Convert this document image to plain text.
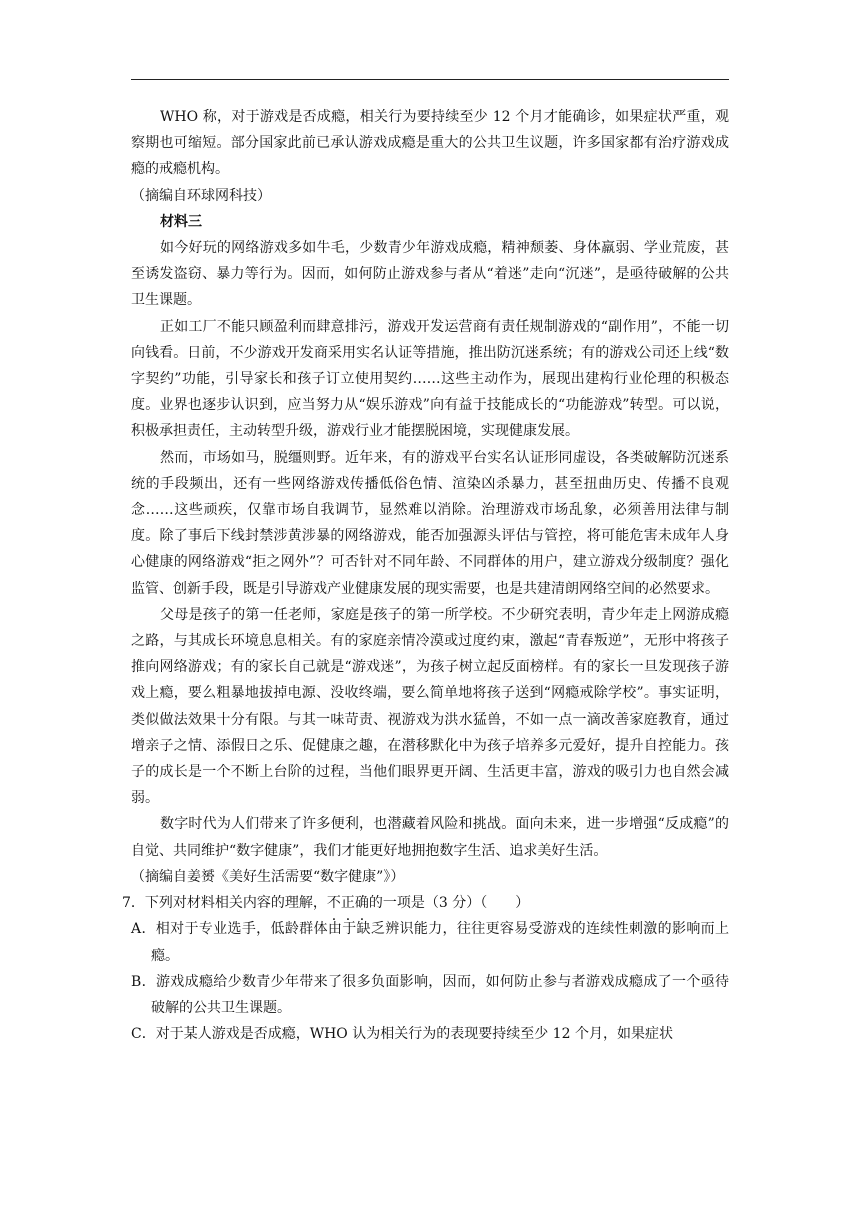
WHO 称，对于游戏是否成瘾，相关行为要持续至少 12 个月才能确诊，如果症状严重，观察期也可缩短。部分国家此前已承认游戏成瘾是重大的公共卫生议题，许多国家都有治疗游戏成瘾的戒瘾机构。

（摘编自环球网科技）

材料三

如今好玩的网络游戏多如牛毛，少数青少年游戏成瘾，精神颓萎、身体羸弱、学业荒废，甚至诱发盗窃、暴力等行为。因而，如何防止游戏参与者从“着迷”走向“沉迷”，是亟待破解的公共卫生课题。

正如工厂不能只顾盈利而肆意排污，游戏开发运营商有责任规制游戏的“副作用”，不能一切向钱看。日前，不少游戏开发商采用实名认证等措施，推出防沉迷系统；有的游戏公司还上线“数字契约”功能，引导家长和孩子订立使用契约……这些主动作为，展现出建构行业伦理的积极态度。业界也逐步认识到，应当努力从“娱乐游戏”向有益于技能成长的“功能游戏”转型。可以说，积极承担责任，主动转型升级，游戏行业才能摆脱困境，实现健康发展。

然而，市场如马，脱缰则野。近年来，有的游戏平台实名认证形同虚设，各类破解防沉迷系统的手段频出，还有一些网络游戏传播低俗色情、渲染凶杀暴力，甚至扭曲历史、传播不良观念……这些顽疾，仅靠市场自我调节，显然难以消除。治理游戏市场乱象，必须善用法律与制度。除了事后下线封禁涉黄涉暴的网络游戏，能否加强源头评估与管控，将可能危害未成年人身心健康的网络游戏“拒之网外”？可否针对不同年龄、不同群体的用户，建立游戏分级制度？强化监管、创新手段，既是引导游戏产业健康发展的现实需要，也是共建清朗网络空间的必然要求。

父母是孩子的第一任老师，家庭是孩子的第一所学校。不少研究表明，青少年走上网游成瘾之路，与其成长环境息息相关。有的家庭亲情冷漠或过度约束，激起“青春叛逆”，无形中将孩子推向网络游戏；有的家长自己就是“游戏迷”，为孩子树立起反面榜样。有的家长一旦发现孩子游戏上瘾，要么粗暴地拔掉电源、没收终端，要么简单地将孩子送到“网瘾戒除学校”。事实证明，类似做法效果十分有限。与其一味苛责、视游戏为洪水猛兽，不如一点一滴改善家庭教育，通过增亲子之情、添假日之乐、促健康之趣，在潜移默化中为孩子培养多元爱好，提升自控能力。孩子的成长是一个不断上台阶的过程，当他们眼界更开阔、生活更丰富，游戏的吸引力也自然会减弱。

数字时代为人们带来了许多便利，也潜藏着风险和挑战。面向未来，进一步增强“反成瘾”的自觉、共同维护“数字健康”，我们才能更好地拥抱数字生活、追求美好生活。

（摘编自姜赟《美好生活需要“数字健康”》）

7．下列对材料相关内容的理解，不正确的一项是（3 分）（　　）

A．相对于专业选手，低龄群体由于缺乏辨识能力，往往更容易受游戏的连续性刺激的影响而上瘾。

B．游戏成瘾给少数青少年带来了很多负面影响，因而，如何防止参与者游戏成瘾成了一个亟待破解的公共卫生课题。

C．对于某人游戏是否成瘾，WHO 认为相关行为的表现要持续至少 12 个月，如果症状
